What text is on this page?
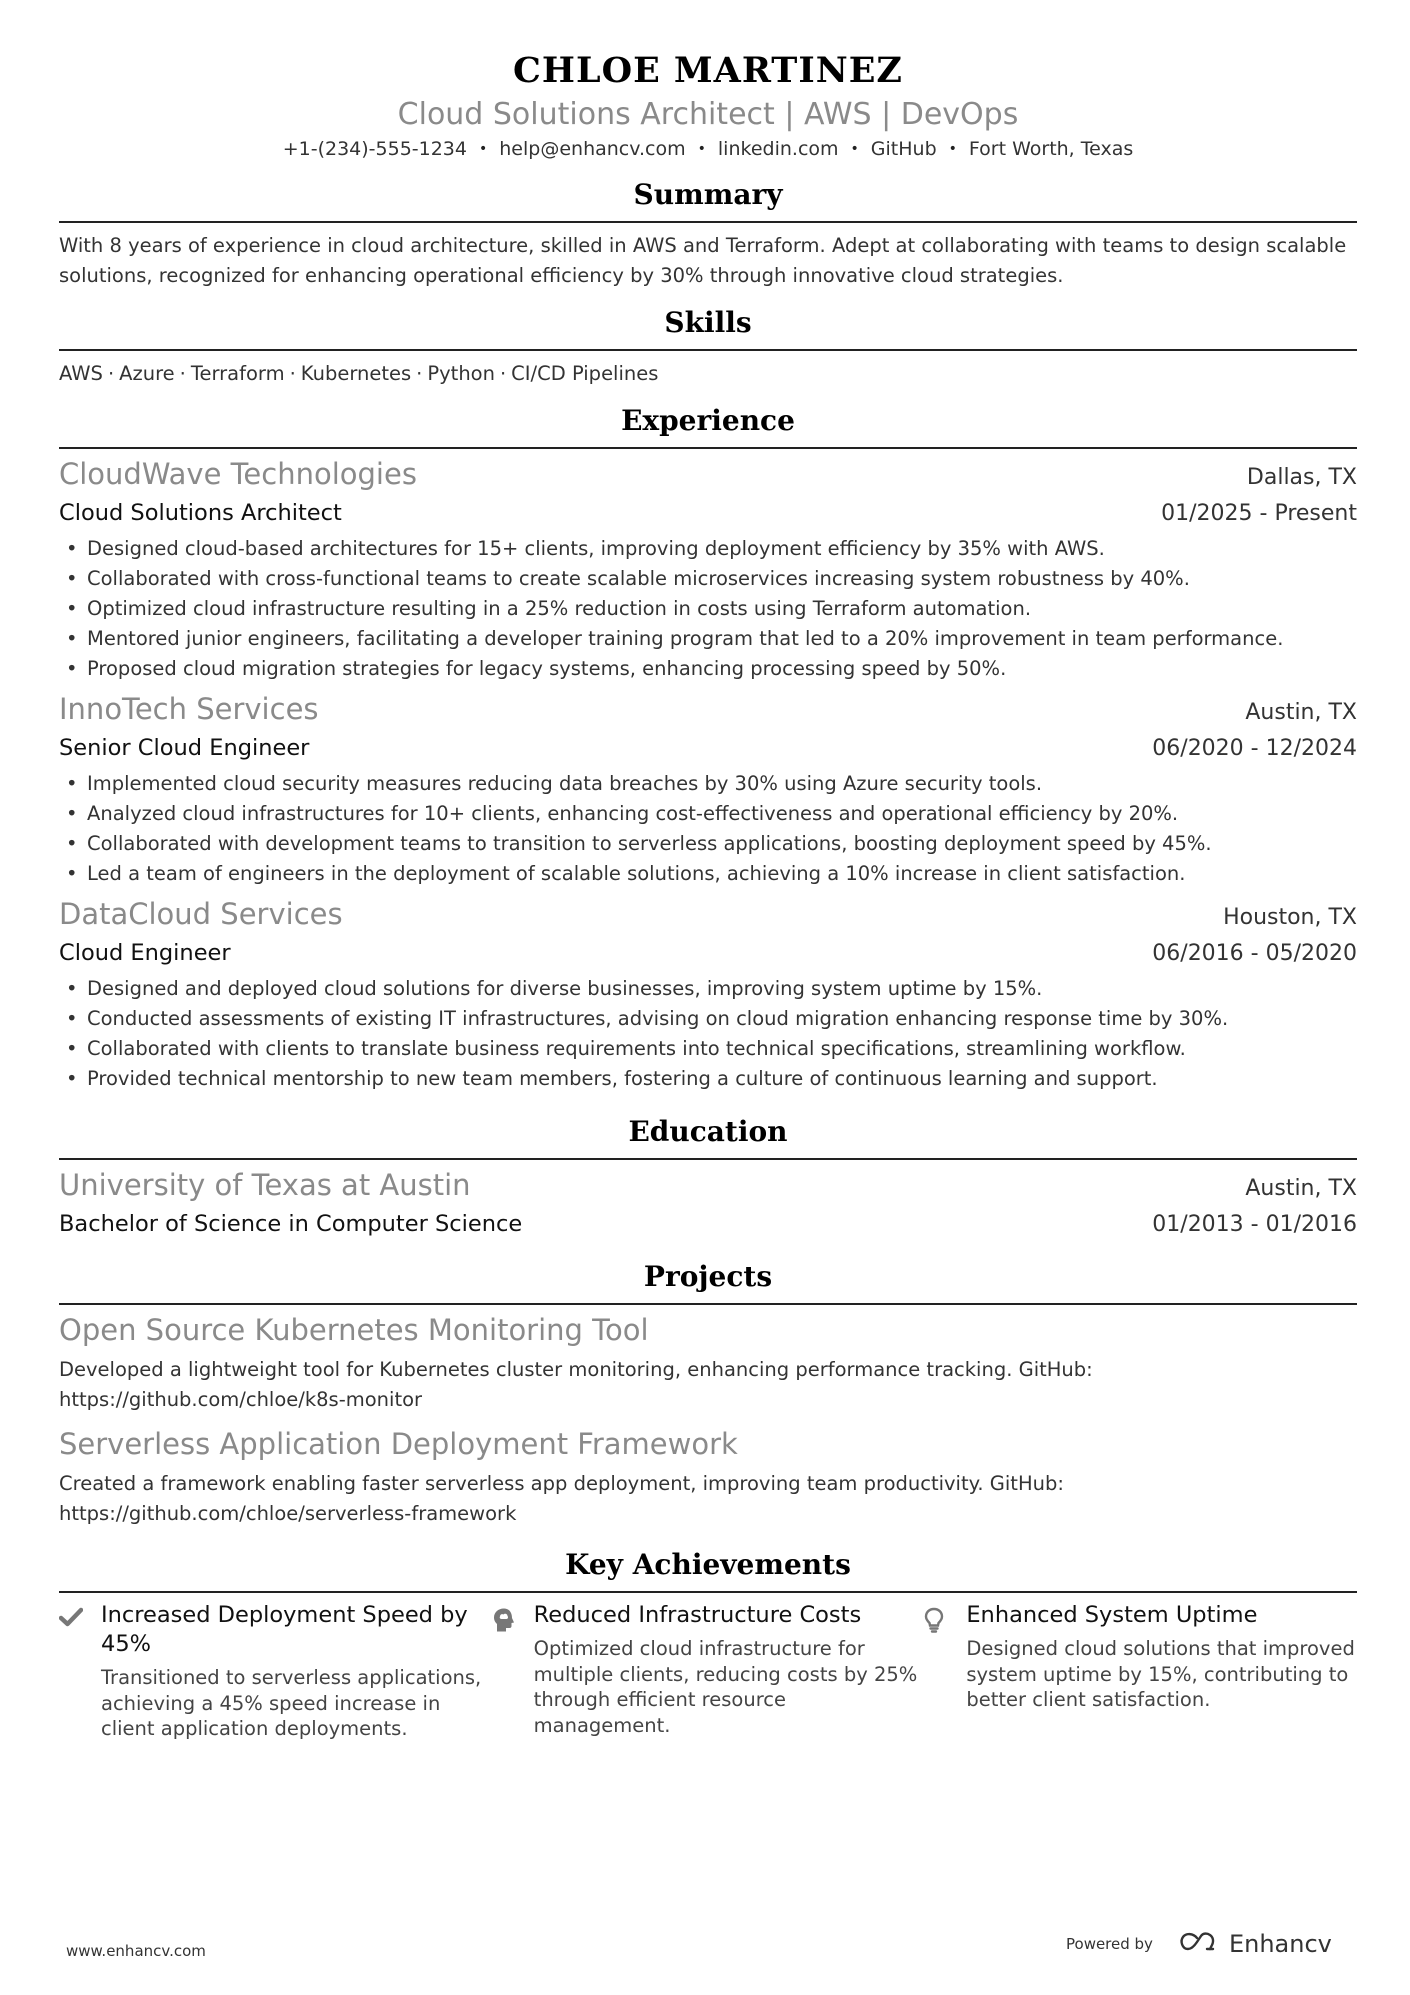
CHLOE MARTINEZ
Cloud Solutions Architect | AWS | DevOps
+1-(234)-555-1234 • help@enhancv.com • linkedin.com • GitHub • Fort Worth, Texas
Summary
With 8 years of experience in cloud architecture, skilled in AWS and Terraform. Adept at collaborating with teams to design scalable solutions, recognized for enhancing operational efficiency by 30% through innovative cloud strategies.
Skills
AWS · Azure · Terraform · Kubernetes · Python · CI/CD Pipelines
Experience
CloudWave Technologies	Dallas, TX
Cloud Solutions Architect	01/2025 - Present
• Designed cloud-based architectures for 15+ clients, improving deployment efficiency by 35% with AWS.
• Collaborated with cross-functional teams to create scalable microservices increasing system robustness by 40%.
• Optimized cloud infrastructure resulting in a 25% reduction in costs using Terraform automation.
• Mentored junior engineers, facilitating a developer training program that led to a 20% improvement in team performance.
• Proposed cloud migration strategies for legacy systems, enhancing processing speed by 50%.
InnoTech Services	Austin, TX
Senior Cloud Engineer	06/2020 - 12/2024
• Implemented cloud security measures reducing data breaches by 30% using Azure security tools.
• Analyzed cloud infrastructures for 10+ clients, enhancing cost-effectiveness and operational efficiency by 20%.
• Collaborated with development teams to transition to serverless applications, boosting deployment speed by 45%.
• Led a team of engineers in the deployment of scalable solutions, achieving a 10% increase in client satisfaction.
DataCloud Services	Houston, TX
Cloud Engineer	06/2016 - 05/2020
• Designed and deployed cloud solutions for diverse businesses, improving system uptime by 15%.
• Conducted assessments of existing IT infrastructures, advising on cloud migration enhancing response time by 30%.
• Collaborated with clients to translate business requirements into technical specifications, streamlining workflow.
• Provided technical mentorship to new team members, fostering a culture of continuous learning and support.
Education
University of Texas at Austin	Austin, TX
Bachelor of Science in Computer Science	01/2013 - 01/2016
Projects
Open Source Kubernetes Monitoring Tool
Developed a lightweight tool for Kubernetes cluster monitoring, enhancing performance tracking. GitHub: https://github.com/chloe/k8s-monitor
Serverless Application Deployment Framework
Created a framework enabling faster serverless app deployment, improving team productivity. GitHub: https://github.com/chloe/serverless-framework
Key Achievements
Increased Deployment Speed by 45%
Transitioned to serverless applications, achieving a 45% speed increase in client application deployments.
Reduced Infrastructure Costs
Optimized cloud infrastructure for multiple clients, reducing costs by 25% through efficient resource management.
Enhanced System Uptime
Designed cloud solutions that improved system uptime by 15%, contributing to better client satisfaction.
www.enhancv.com	Powered by	Enhancv
